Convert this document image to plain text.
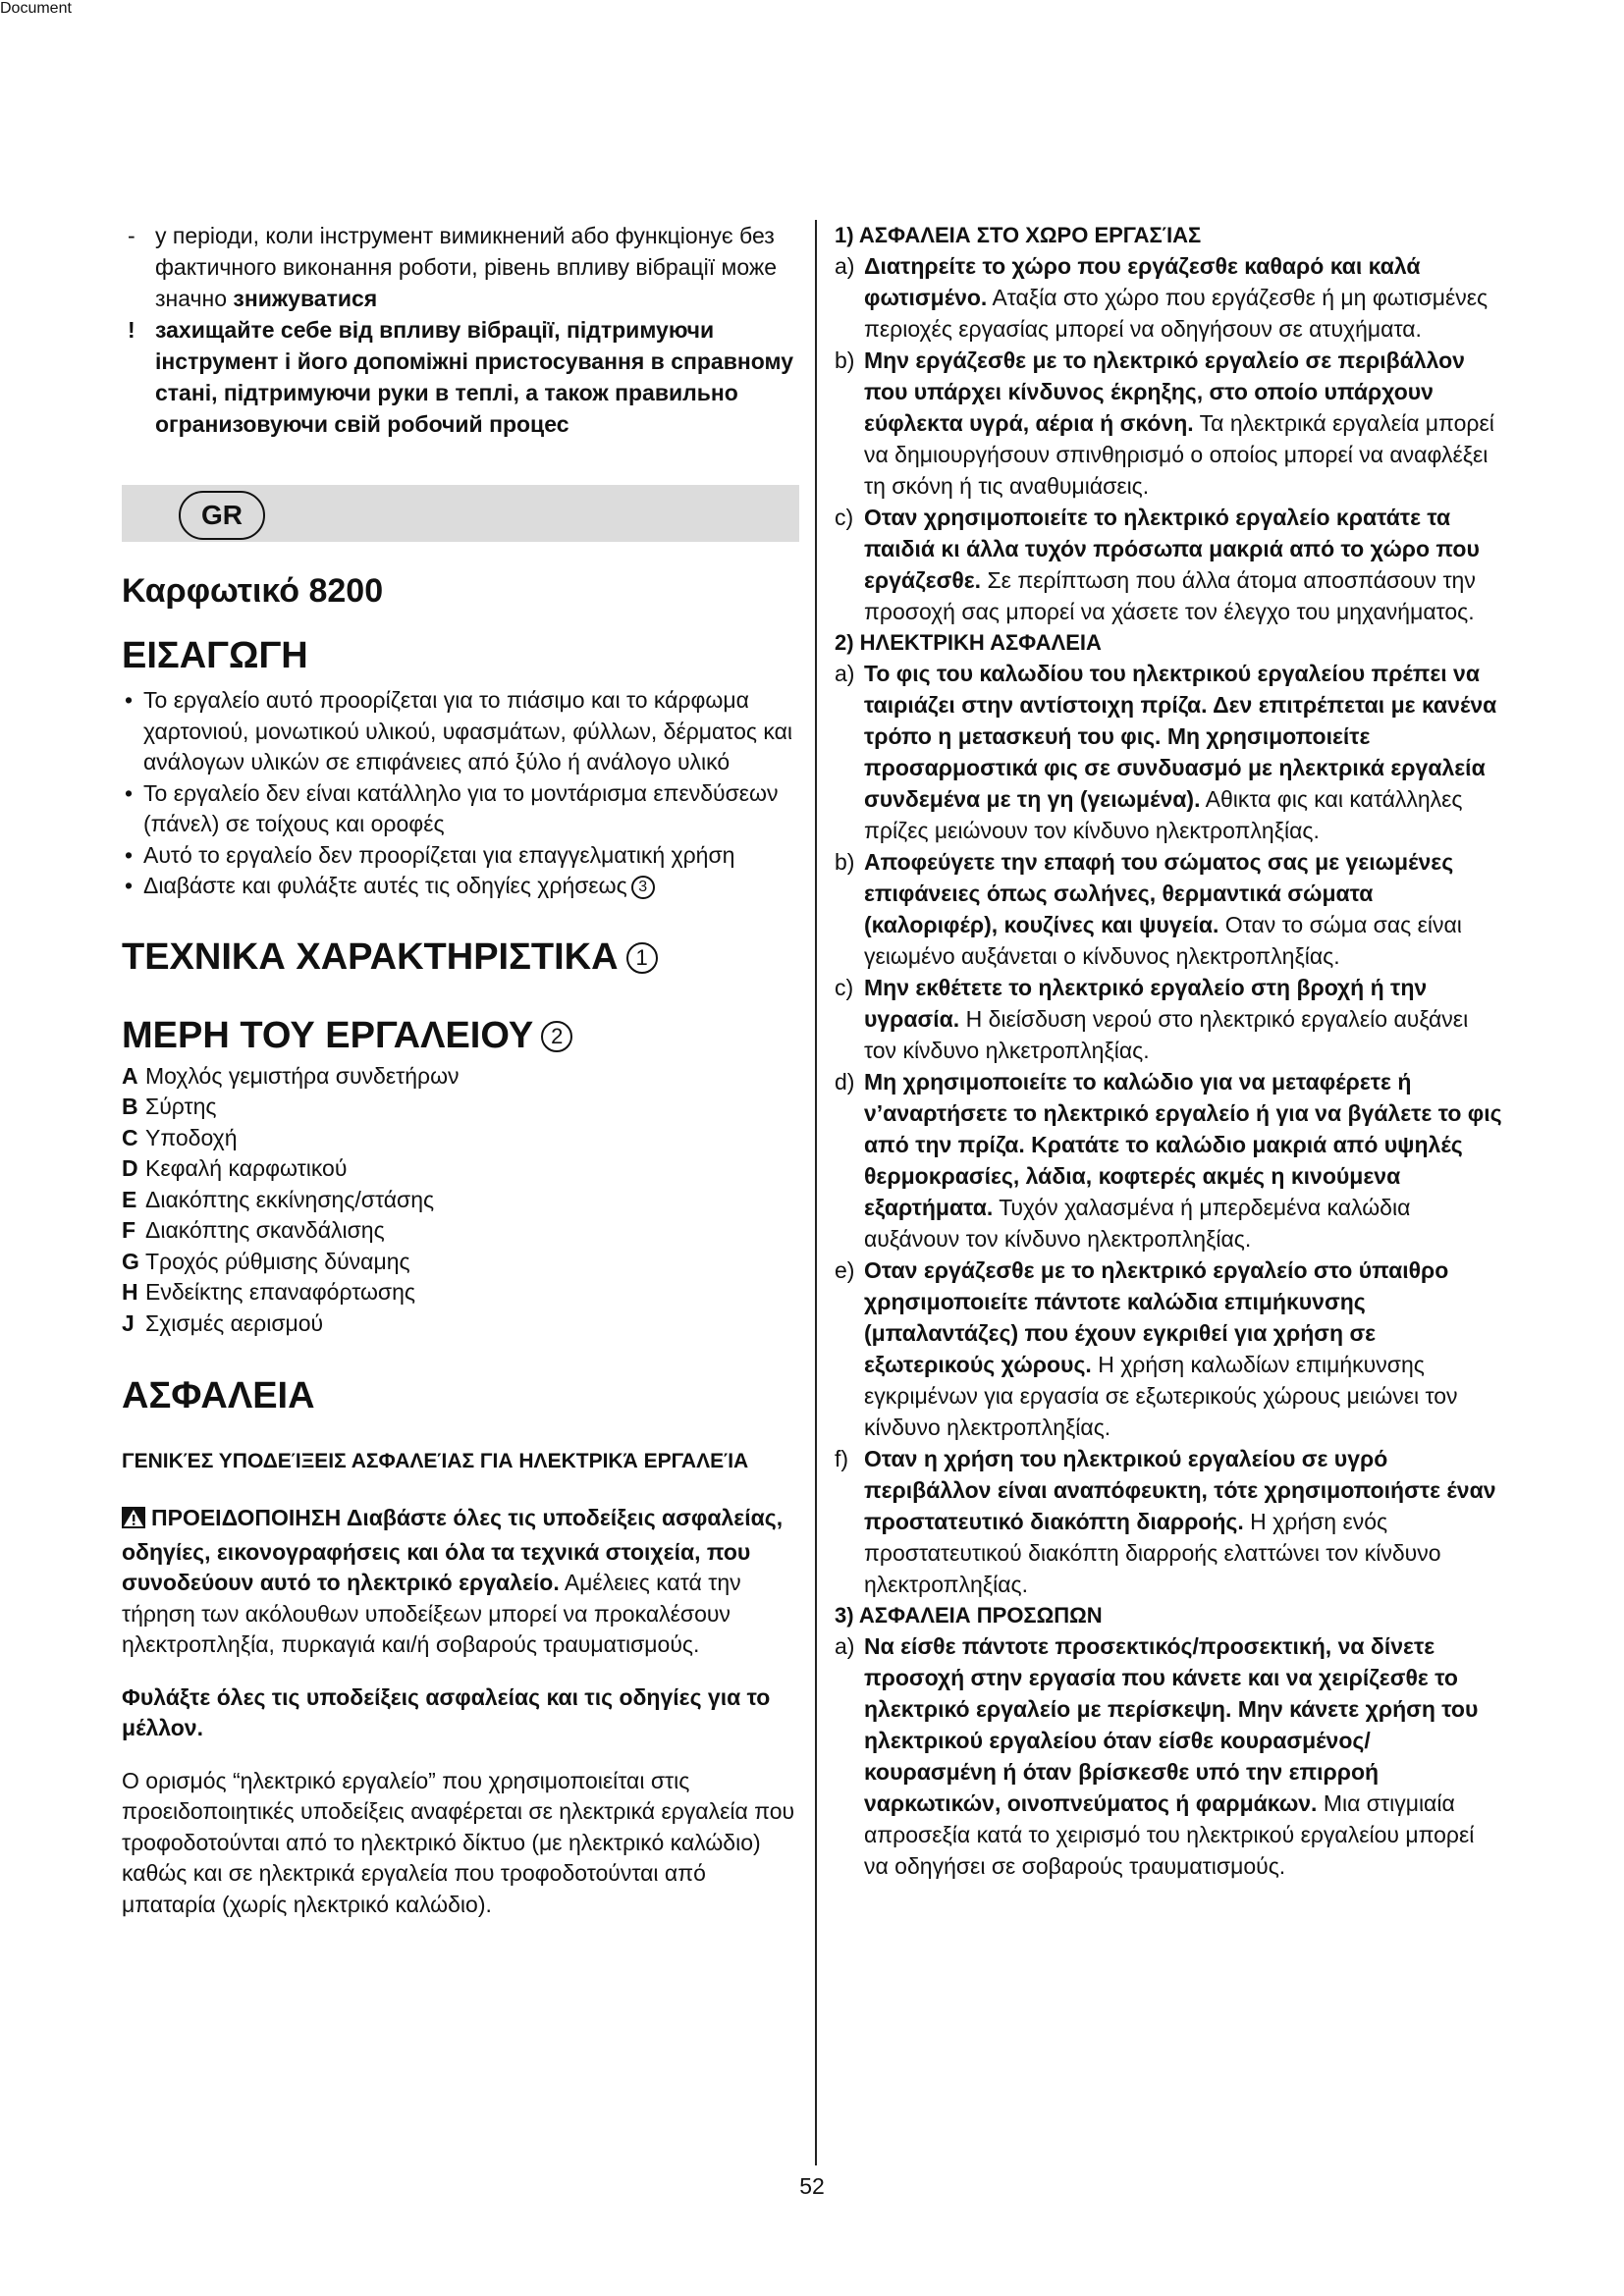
Document
- у періоди, коли інструмент вимикнений або функціонує без фактичного виконання роботи, рівень впливу вібрації може значно знижуватися
! захищайте себе від впливу вібрації, підтримуючи інструмент і його допоміжні пристосування в справному стані, підтримуючи руки в теплі, а також правильно огранизовуючи свій робочий процес
GR
Καρφωτικό 8200
ΕΙΣΑΓΩΓΗ
• Το εργαλείο αυτό προορίζεται για το πιάσιμο και το κάρφωμα χαρτονιού, μονωτικού υλικού, υφασμάτων, φύλλων, δέρματος και ανάλογων υλικών σε επιφάνειες από ξύλο ή ανάλογο υλικό
• Το εργαλείο δεν είναι κατάλληλο για το μοντάρισμα επενδύσεων (πάνελ) σε τοίχους και οροφές
• Αυτό το εργαλείο δεν προορίζεται για επαγγελματική χρήση
• Διαβάστε και φυλάξτε αυτές τις οδηγίες χρήσεως 3
ΤΕΧΝΙΚΑ ΧΑΡΑΚΤΗΡΙΣΤΙΚΑ 1
ΜΕΡΗ ΤΟΥ ΕΡΓΑΛΕΙΟΥ 2
A Μοχλός γεμιστήρα συνδετήρων
B Σύρτης
C Υποδοχή
D Κεφαλή καρφωτικού
E Διακόπτης εκκίνησης/στάσης
F Διακόπτης σκανδάλισης
G Τροχός ρύθμισης δύναμης
H Ενδείκτης επαναφόρτωσης
J Σχισμές αερισμού
ΑΣΦΑΛΕΙΑ
ΓΕΝΙΚΈΣ ΥΠΟΔΕΊΞΕΙΣ ΑΣΦΑΛΕΊΑΣ ΓΙΑ ΗΛΕΚΤΡΙΚΆ ΕΡΓΑΛΕΊΑ
ΠΡΟΕΙΔΟΠΟΙΗΣΗ Διαβάστε όλες τις υποδείξεις ασφαλείας, οδηγίες, εικονογραφήσεις και όλα τα τεχνικά στοιχεία, που συνοδεύουν αυτό το ηλεκτρικό εργαλείο. Αμέλειες κατά την τήρηση των ακόλουθων υποδείξεων μπορεί να προκαλέσουν ηλεκτροπληξία, πυρκαγιά και/ή σοβαρούς τραυματισμούς.
Φυλάξτε όλες τις υποδείξεις ασφαλείας και τις οδηγίες για το μέλλον.
Ο ορισμός “ηλεκτρικό εργαλείο” που χρησιμοποιείται στις προειδοποιητικές υποδείξεις αναφέρεται σε ηλεκτρικά εργαλεία που τροφοδοτούνται από το ηλεκτρικό δίκτυο (με ηλεκτρικό καλώδιο) καθώς και σε ηλεκτρικά εργαλεία που τροφοδοτούνται από μπαταρία (χωρίς ηλεκτρικό καλώδιο).
1) ΑΣΦΑΛΕΙΑ ΣΤΟ ΧΩΡΟ ΕΡΓΑΣΊΑΣ
a) Διατηρείτε το χώρο που εργάζεσθε καθαρό και καλά φωτισμένο. Αταξία στο χώρο που εργάζεσθε ή μη φωτισμένες περιοχές εργασίας μπορεί να οδηγήσουν σε ατυχήματα.
b) Μην εργάζεσθε με το ηλεκτρικό εργαλείο σε περιβάλλον που υπάρχει κίνδυνος έκρηξης, στο οποίο υπάρχουν εύφλεκτα υγρά, αέρια ή σκόνη. Τα ηλεκτρικά εργαλεία μπορεί να δημιουργήσουν σπινθηρισμό ο οποίος μπορεί να αναφλέξει τη σκόνη ή τις αναθυμιάσεις.
c) Οταν χρησιμοποιείτε το ηλεκτρικό εργαλείο κρατάτε τα παιδιά κι άλλα τυχόν πρόσωπα μακριά από το χώρο που εργάζεσθε. Σε περίπτωση που άλλα άτομα αποσπάσουν την προσοχή σας μπορεί να χάσετε τον έλεγχο του μηχανήματος.
2) ΗΛΕΚΤΡΙΚΗ ΑΣΦΑΛΕΙΑ
a) Το φις του καλωδίου του ηλεκτρικού εργαλείου πρέπει να ταιριάζει στην αντίστοιχη πρίζα. Δεν επιτρέπεται με κανένα τρόπο η μετασκευή του φις. Μη χρησιμοποιείτε προσαρμοστικά φις σε συνδυασμό με ηλεκτρικά εργαλεία συνδεμένα με τη γη (γειωμένα). Αθικτα φις και κατάλληλες πρίζες μειώνουν τον κίνδυνο ηλεκτροπληξίας.
b) Αποφεύγετε την επαφή του σώματος σας με γειωμένες επιφάνειες όπως σωλήνες, θερμαντικά σώματα (καλοριφέρ), κουζίνες και ψυγεία. Οταν το σώμα σας είναι γειωμένο αυξάνεται ο κίνδυνος ηλεκτροπληξίας.
c) Μην εκθέτετε το ηλεκτρικό εργαλείο στη βροχή ή την υγρασία. Η διείσδυση νερού στο ηλεκτρικό εργαλείο αυξάνει τον κίνδυνο ηλκετροπληξίας.
d) Μη χρησιμοποιείτε το καλώδιο για να μεταφέρετε ή ν’αναρτήσετε το ηλεκτρικό εργαλείο ή για να βγάλετε το φις από την πρίζα. Κρατάτε το καλώδιο μακριά από υψηλές θερμοκρασίες, λάδια, κοφτερές ακμές η κινούμενα εξαρτήματα. Τυχόν χαλασμένα ή μπερδεμένα καλώδια αυξάνουν τον κίνδυνο ηλεκτροπληξίας.
e) Οταν εργάζεσθε με το ηλεκτρικό εργαλείο στο ύπαιθρο χρησιμοποιείτε πάντοτε καλώδια επιμήκυνσης (μπαλαντάζες) που έχουν εγκριθεί για χρήση σε εξωτερικούς χώρους. Η χρήση καλωδίων επιμήκυνσης εγκριμένων για εργασία σε εξωτερικούς χώρους μειώνει τον κίνδυνο ηλεκτροπληξίας.
f) Οταν η χρήση του ηλεκτρικού εργαλείου σε υγρό περιβάλλον είναι αναπόφευκτη, τότε χρησιμοποιήστε έναν προστατευτικό διακόπτη διαρροής. Η χρήση ενός προστατευτικού διακόπτη διαρροής ελαττώνει τον κίνδυνο ηλεκτροπληξίας.
3) ΑΣΦΑΛΕΙΑ ΠΡΟΣΩΠΩΝ
a) Να είσθε πάντοτε προσεκτικός/προσεκτική, να δίνετε προσοχή στην εργασία που κάνετε και να χειρίζεσθε το ηλεκτρικό εργαλείο με περίσκεψη. Μην κάνετε χρήση του ηλεκτρικού εργαλείου όταν είσθε κουρασμένος/κουρασμένη ή όταν βρίσκεσθε υπό την επιρροή ναρκωτικών, οινοπνεύματος ή φαρμάκων. Μια στιγμιαία απροσεξία κατά το χειρισμό του ηλεκτρικού εργαλείου μπορεί να οδηγήσει σε σοβαρούς τραυματισμούς.
52
